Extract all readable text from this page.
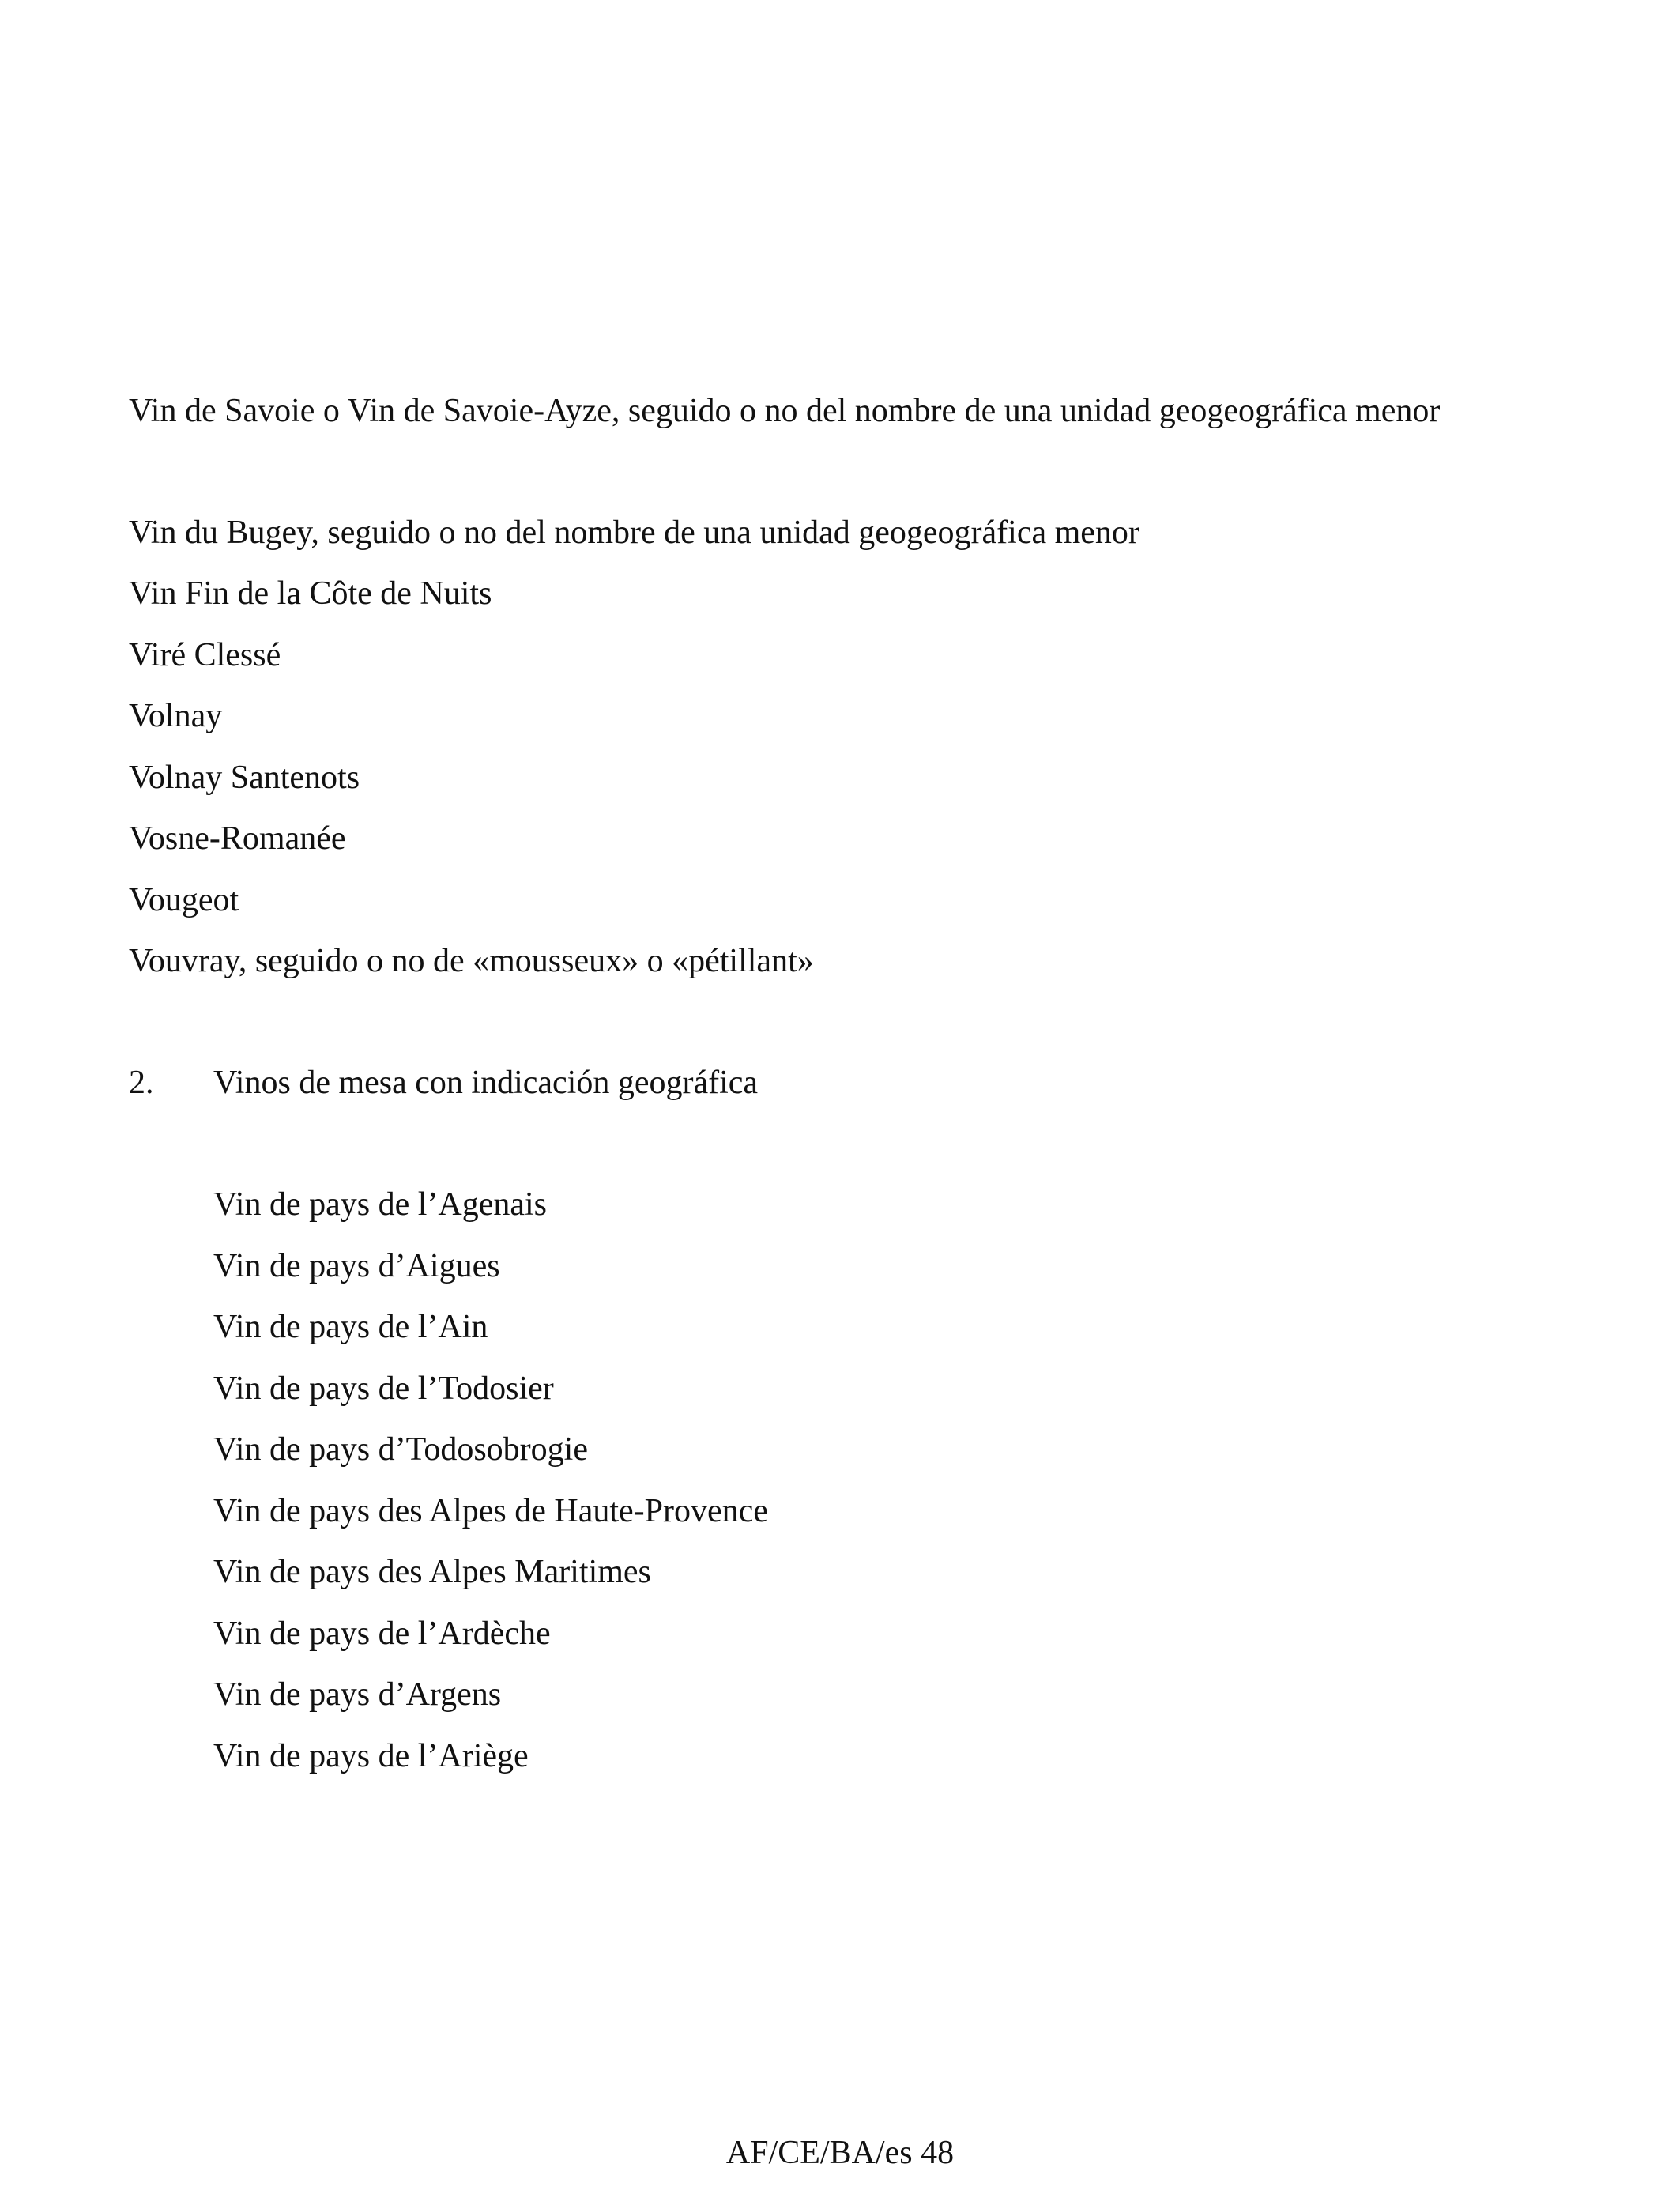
Vin de Savoie o Vin de Savoie-Ayze, seguido o no del nombre de una unidad geogeográfica menor
Vin du Bugey, seguido o no del nombre de una unidad geogeográfica menor
Vin Fin de la Côte de Nuits
Viré Clessé
Volnay
Volnay Santenots
Vosne-Romanée
Vougeot
Vouvray, seguido o no de «mousseux» o «pétillant»
2. Vinos de mesa con indicación geográfica
Vin de pays de l’Agenais
Vin de pays d’Aigues
Vin de pays de l’Ain
Vin de pays de l’Todosier
Vin de pays d’Todosobrogie
Vin de pays des Alpes de Haute-Provence
Vin de pays des Alpes Maritimes
Vin de pays de l’Ardèche
Vin de pays d’Argens
Vin de pays de l’Ariège
AF/CE/BA/es 48
